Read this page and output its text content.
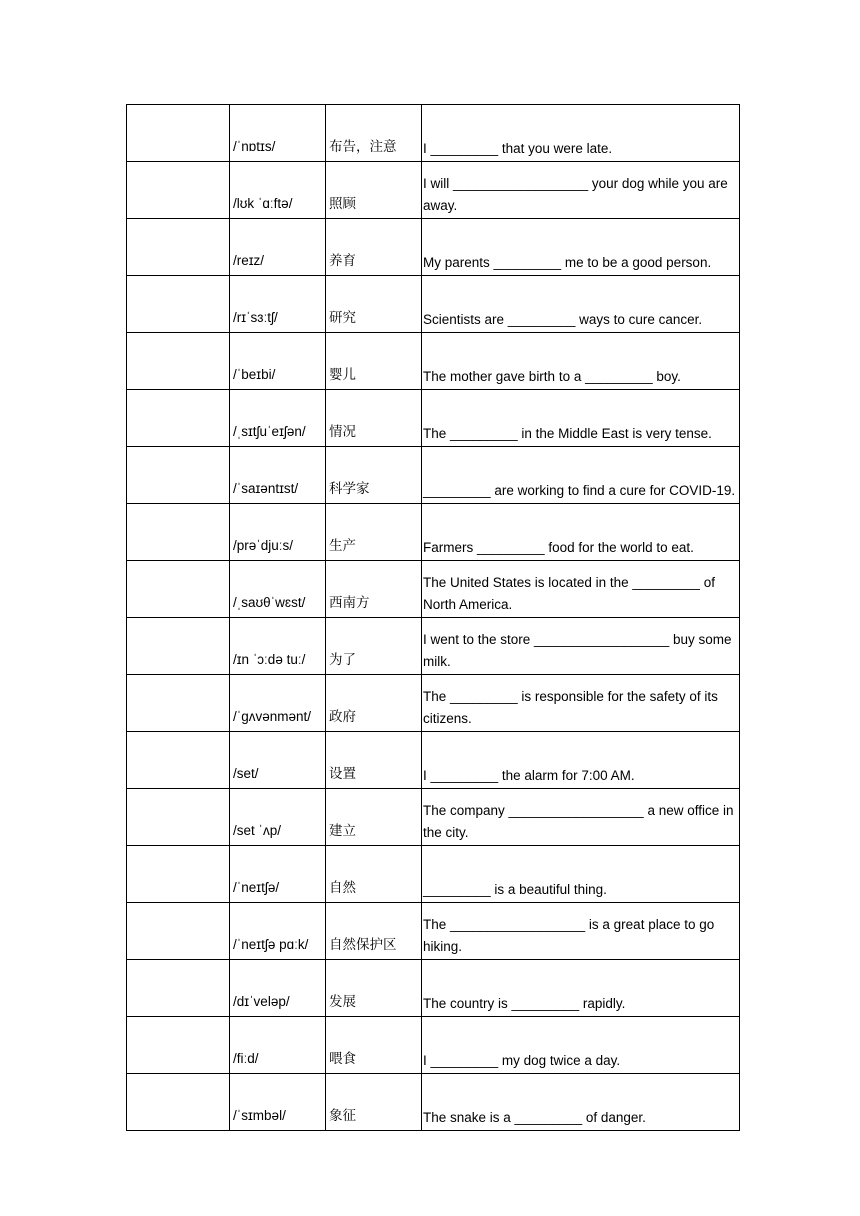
	/ˈnɒtɪs/	布告，注意	I _________ that you were late.

	/lʊk ˈɑːftə/	照顾	I will __________________ your dog while you are away.

	/reɪz/	养育	My parents _________ me to be a good person.

	/rɪˈsɜːtʃ/	研究	Scientists are _________ ways to cure cancer.

	/ˈbeɪbi/	婴儿	The mother gave birth to a _________ boy.

	/ˌsɪtʃuˈeɪʃən/	情况	The _________ in the Middle East is very tense.

	/ˈsaɪəntɪst/	科学家	_________ are working to find a cure for COVID-19.

	/prəˈdjuːs/	生产	Farmers _________ food for the world to eat.

	/ˌsaʊθˈwɛst/	西南方	The United States is located in the _________ of North America.

	/ɪn ˈɔːdə tuː/	为了	I went to the store __________________ buy some milk.

	/ˈɡʌvənmənt/	政府	The _________ is responsible for the safety of its citizens.

	/set/	设置	I _________ the alarm for 7:00 AM.

	/set ˈʌp/	建立	The company __________________ a new office in the city.

	/ˈneɪtʃə/	自然	_________ is a beautiful thing.

	/ˈneɪtʃə pɑːk/	自然保护区	The __________________ is a great place to go hiking.

	/dɪˈveləp/	发展	The country is _________ rapidly.

	/fiːd/	喂食	I _________ my dog twice a day.

	/ˈsɪmbəl/	象征	The snake is a _________ of danger.
